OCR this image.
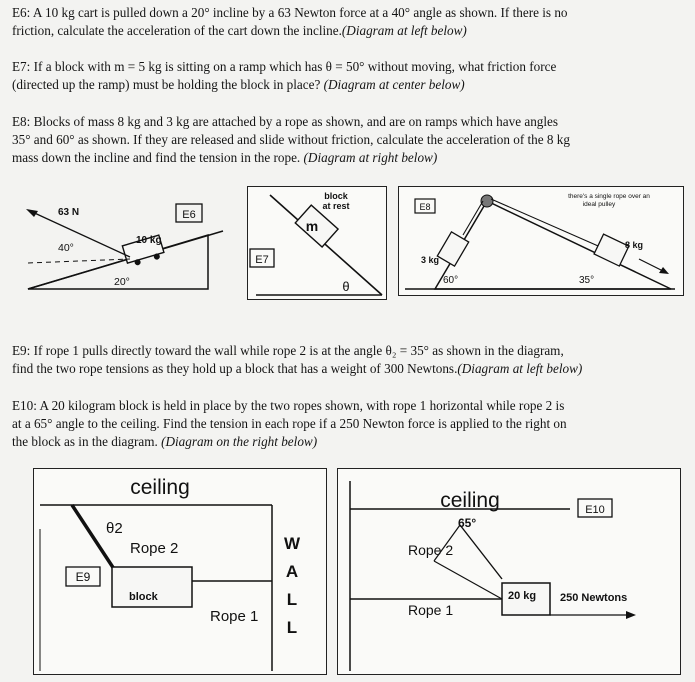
E6: A 10 kg cart is pulled down a 20° incline by a 63 Newton force at a 40° angle as shown. If there is no
friction, calculate the acceleration of the cart down the incline.(Diagram at left below)
E7: If a block with m = 5 kg is sitting on a ramp which has θ = 50° without moving, what friction force
(directed up the ramp) must be holding the block in place? (Diagram at center below)
E8: Blocks of mass 8 kg and 3 kg are attached by a rope as shown, and are on ramps which have angles
35° and 60° as shown. If they are released and slide without friction, calculate the acceleration of the 8 kg
mass down the incline and find the tension in the rope. (Diagram at right below)
E9: If rope 1 pulls directly toward the wall while rope 2 is at the angle θ₂ = 35° as shown in the diagram,
find the two rope tensions as they hold up a block that has a weight of 300 Newtons.(Diagram at left below)
E10: A 20 kilogram block is held in place by the two ropes shown, with rope 1 horizontal while rope 2 is
at a 65° angle to the ceiling. Find the tension in each rope if a 250 Newton force is applied to the right on
the block as in the diagram. (Diagram on the right below)
E6
10 kg
63 N
40°
20°
block
at rest
m
E7
θ
E8
there's a single rope over an
ideal pulley
3 kg
8 kg
60°	35°
ceiling
block
θ2
Rope 2
E9
Rope 1
W
A
L
L
ceiling	E10
65°
Rope 2
Rope 1
20 kg 250 Newtons
